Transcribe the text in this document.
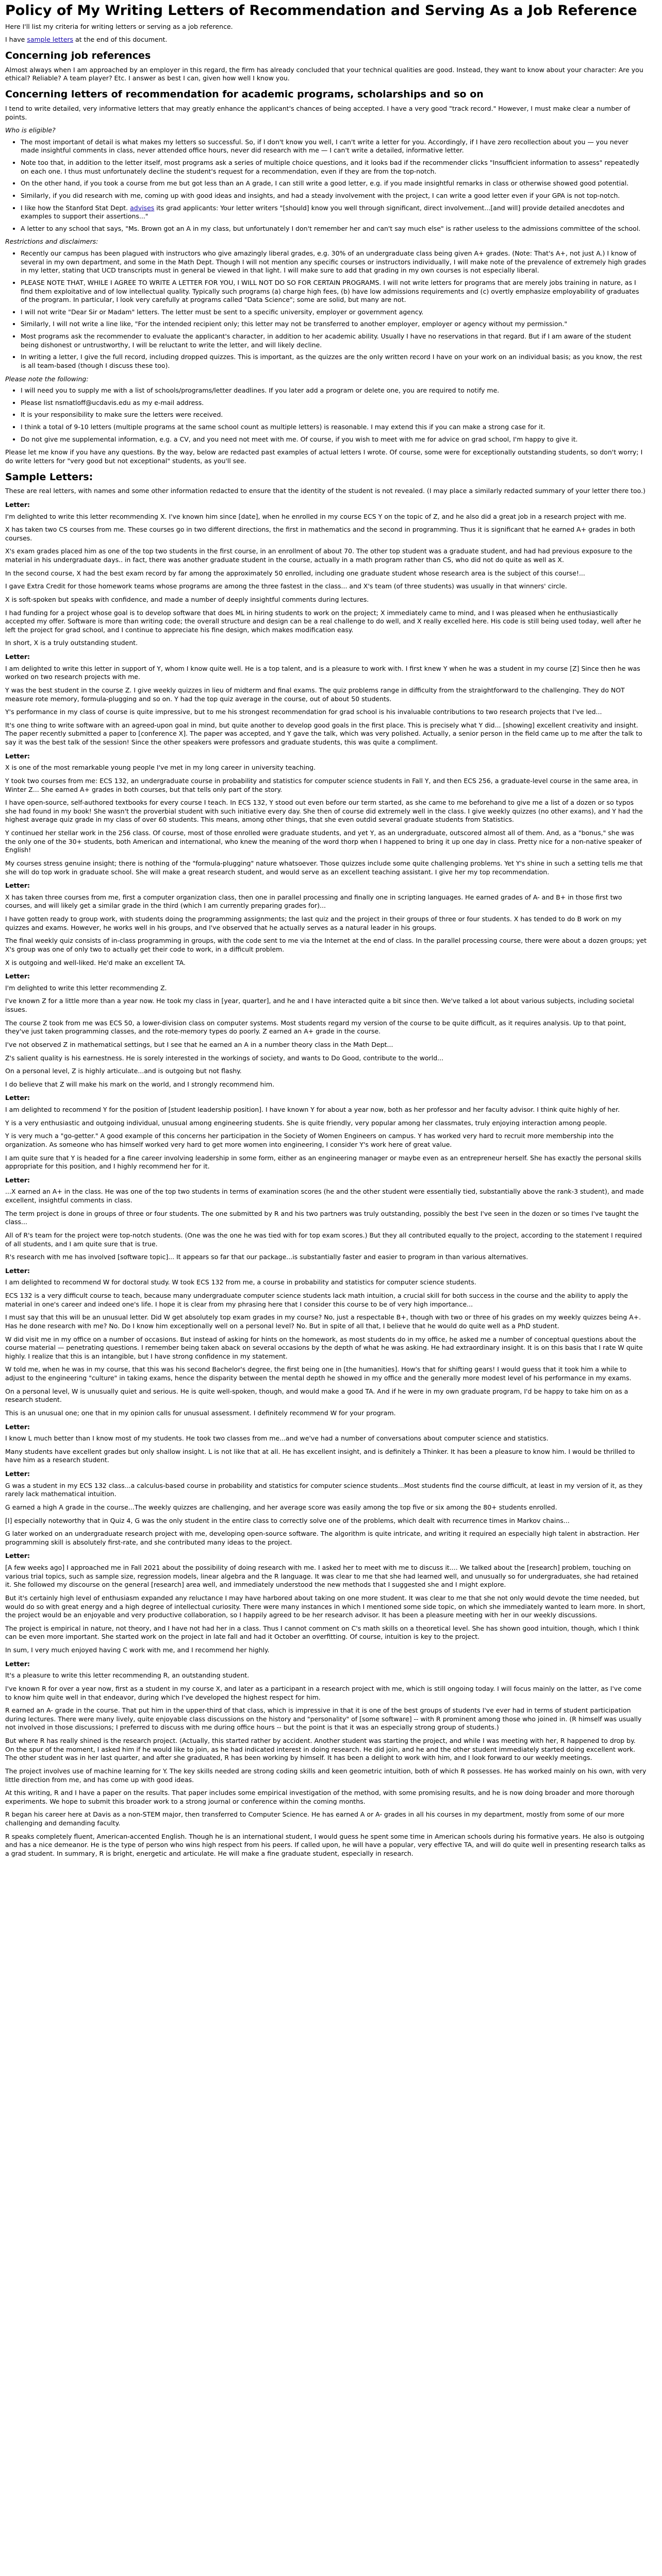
Policy of My Writing Letters of Recommendation and Serving As a Job Reference

Here I'll list my criteria for writing letters or serving as a job reference.

I have sample letters at the end of this document.

Concerning job references

Almost always when I am approached by an employer in this regard, the firm has already concluded that your technical qualities are good. Instead, they want to know about your character: Are you ethical? Reliable? A team player? Etc. I answer as best I can, given how well I know you.

Concerning letters of recommendation for academic programs, scholarships and so on

I tend to write detailed, very informative letters that may greatly enhance the applicant's chances of being accepted. I have a very good "track record." However, I must make clear a number of points.

Who is eligible?

• The most important of detail is what makes my letters so successful. So, if I don't know you well, I can't write a letter for you. Accordingly, if I have zero recollection about you — you never made insightful comments in class, never attended office hours, never did research with me — I can't write a detailed, informative letter.
• Note too that, in addition to the letter itself, most programs ask a series of multiple choice questions, and it looks bad if the recommender clicks "Insufficient information to assess" repeatedly on each one. I thus must unfortunately decline the student's request for a recommendation, even if they are from the top-notch.
• On the other hand, if you took a course from me but got less than an A grade, I can still write a good letter, e.g. if you made insightful remarks in class or otherwise showed good potential.
• Similarly, if you did research with me, coming up with good ideas and insights, and had a steady involvement with the project, I can write a good letter even if your GPA is not top-notch.
• I like how the Stanford Stat Dept. advises its grad applicants: Your letter writers "[should] know you well through significant, direct involvement...[and will] provide detailed anecdotes and examples to support their assertions..."
• A letter to any school that says, "Ms. Brown got an A in my class, but unfortunately I don't remember her and can't say much else" is rather useless to the admissions committee of the school.

Restrictions and disclaimers:

• Recently our campus has been plagued with instructors who give amazingly liberal grades, e.g. 30% of an undergraduate class being given A+ grades. (Note: That's A+, not just A.) I know of several in my own department, and some in the Math Dept. Though I will not mention any specific courses or instructors individually, I will make note of the prevalence of extremely high grades in my letter, stating that UCD transcripts must in general be viewed in that light. I will make sure to add that grading in my own courses is not especially liberal.
• PLEASE NOTE THAT, WHILE I AGREE TO WRITE A LETTER FOR YOU, I WILL NOT DO SO FOR CERTAIN PROGRAMS. I will not write letters for programs that are merely jobs training in nature, as I find them exploitative and of low intellectual quality. Typically such programs (a) charge high fees, (b) have low admissions requirements and (c) overtly emphasize employability of graduates of the program. In particular, I look very carefully at programs called "Data Science"; some are solid, but many are not.
• I will not write "Dear Sir or Madam" letters. The letter must be sent to a specific university, employer or government agency.
• Similarly, I will not write a line like, "For the intended recipient only; this letter may not be transferred to another employer, employer or agency without my permission."
• Most programs ask the recommender to evaluate the applicant's character, in addition to her academic ability. Usually I have no reservations in that regard. But if I am aware of the student being dishonest or untrustworthy, I will be reluctant to write the letter, and will likely decline.
• In writing a letter, I give the full record, including dropped quizzes. This is important, as the quizzes are the only written record I have on your work on an individual basis; as you know, the rest is all team-based (though I discuss these too).

Please note the following:

• I will need you to supply me with a list of schools/programs/letter deadlines. If you later add a program or delete one, you are required to notify me.
• Please list nsmatloff@ucdavis.edu as my e-mail address.
• It is your responsibility to make sure the letters were received.
• I think a total of 9-10 letters (multiple programs at the same school count as multiple letters) is reasonable. I may extend this if you can make a strong case for it.
• Do not give me supplemental information, e.g. a CV, and you need not meet with me. Of course, if you wish to meet with me for advice on grad school, I'm happy to give it.

Please let me know if you have any questions. By the way, below are redacted past examples of actual letters I wrote. Of course, some were for exceptionally outstanding students, so don't worry; I do write letters for "very good but not exceptional" students, as you'll see.

Sample Letters:

These are real letters, with names and some other information redacted to ensure that the identity of the student is not revealed. (I may place a similarly redacted summary of your letter there too.)

Letter:

I'm delighted to write this letter recommending X. I've known him since [date], when he enrolled in my course ECS Y on the topic of Z, and he also did a great job in a research project with me.

X has taken two CS courses from me. These courses go in two different directions, the first in mathematics and the second in programming. Thus it is significant that he earned A+ grades in both courses.

X's exam grades placed him as one of the top two students in the first course, in an enrollment of about 70. The other top student was a graduate student, and had had previous exposure to the material in his undergraduate days.. in fact, there was another graduate student in the course, actually in a math program rather than CS, who did not do quite as well as X.

In the second course, X had the best exam record by far among the approximately 50 enrolled, including one graduate student whose research area is the subject of this course!...

I gave Extra Credit for those homework teams whose programs are among the three fastest in the class... and X's team (of three students) was usually in that winners' circle.

X is soft-spoken but speaks with confidence, and made a number of deeply insightful comments during lectures.

I had funding for a project whose goal is to develop software that does ML in hiring students to work on the project; X immediately came to mind, and I was pleased when he enthusiastically accepted my offer. Software is more than writing code; the overall structure and design can be a real challenge to do well, and X really excelled here. His code is still being used today, well after he left the project for grad school, and I continue to appreciate his fine design, which makes modification easy.

In short, X is a truly outstanding student.

Letter:

I am delighted to write this letter in support of Y, whom I know quite well. He is a top talent, and is a pleasure to work with. I first knew Y when he was a student in my course [Z] Since then he was worked on two research projects with me.

Y was the best student in the course Z. I give weekly quizzes in lieu of midterm and final exams. The quiz problems range in difficulty from the straightforward to the challenging. They do NOT measure rote memory, formula-plugging and so on. Y had the top quiz average in the course, out of about 50 students.

Y's performance in my class of course is quite impressive, but to me his strongest recommendation for grad school is his invaluable contributions to two research projects that I've led...

It's one thing to write software with an agreed-upon goal in mind, but quite another to develop good goals in the first place. This is precisely what Y did... [showing] excellent creativity and insight. The paper recently submitted a paper to [conference X]. The paper was accepted, and Y gave the talk, which was very polished. Actually, a senior person in the field came up to me after the talk to say it was the best talk of the session! Since the other speakers were professors and graduate students, this was quite a compliment.

Letter:

X is one of the most remarkable young people I've met in my long career in university teaching.

Y took two courses from me: ECS 132, an undergraduate course in probability and statistics for computer science students in Fall Y, and then ECS 256, a graduate-level course in the same area, in Winter Z... She earned A+ grades in both courses, but that tells only part of the story.

I have open-source, self-authored textbooks for every course I teach. In ECS 132, Y stood out even before our term started, as she came to me beforehand to give me a list of a dozen or so typos she had found in my book! She wasn't the proverbial student with such initiative every day. She then of course did extremely well in the class. I give weekly quizzes (no other exams), and Y had the highest average quiz grade in my class of over 60 students. This means, among other things, that she even outdid several graduate students from Statistics.

Y continued her stellar work in the 256 class. Of course, most of those enrolled were graduate students, and yet Y, as an undergraduate, outscored almost all of them. And, as a "bonus," she was the only one of the 30+ students, both American and international, who knew the meaning of the word thorp when I happened to bring it up one day in class. Pretty nice for a non-native speaker of English!

My courses stress genuine insight; there is nothing of the "formula-plugging" nature whatsoever. Those quizzes include some quite challenging problems. Yet Y's shine in such a setting tells me that she will do top work in graduate school. She will make a great research student, and would serve as an excellent teaching assistant. I give her my top recommendation.

Letter:

X has taken three courses from me, first a computer organization class, then one in parallel processing and finally one in scripting languages. He earned grades of A- and B+ in those first two courses, and will likely get a similar grade in the third (which I am currently preparing grades for)...

I have gotten ready to group work, with students doing the programming assignments; the last quiz and the project in their groups of three or four students. X has tended to do B work on my quizzes and exams. However, he works well in his groups, and I've observed that he actually serves as a natural leader in his groups.

The final weekly quiz consists of in-class programming in groups, with the code sent to me via the Internet at the end of class. In the parallel processing course, there were about a dozen groups; yet X's group was one of only two to actually get their code to work, in a difficult problem.

X is outgoing and well-liked. He'd make an excellent TA.

Letter:

I'm delighted to write this letter recommending Z.

I've known Z for a little more than a year now. He took my class in [year, quarter], and he and I have interacted quite a bit since then. We've talked a lot about various subjects, including societal issues.

The course Z took from me was ECS 50, a lower-division class on computer systems. Most students regard my version of the course to be quite difficult, as it requires analysis. Up to that point, they've just taken programming classes, and the rote-memory types do poorly. Z earned an A+ grade in the course.

I've not observed Z in mathematical settings, but I see that he earned an A in a number theory class in the Math Dept...

Z's salient quality is his earnestness. He is sorely interested in the workings of society, and wants to Do Good, contribute to the world...

On a personal level, Z is highly articulate...and is outgoing but not flashy.

I do believe that Z will make his mark on the world, and I strongly recommend him.

Letter:

I am delighted to recommend Y for the position of [student leadership position]. I have known Y for about a year now, both as her professor and her faculty advisor. I think quite highly of her.

Y is a very enthusiastic and outgoing individual, unusual among engineering students. She is quite friendly, very popular among her classmates, truly enjoying interaction among people.

Y is very much a "go-getter." A good example of this concerns her participation in the Society of Women Engineers on campus. Y has worked very hard to recruit more membership into the organization. As someone who has himself worked very hard to get more women into engineering, I consider Y's work here of great value.

I am quite sure that Y is headed for a fine career involving leadership in some form, either as an engineering manager or maybe even as an entrepreneur herself. She has exactly the personal skills appropriate for this position, and I highly recommend her for it.

Letter:

...X earned an A+ in the class. He was one of the top two students in terms of examination scores (he and the other student were essentially tied, substantially above the rank-3 student), and made excellent, insightful comments in class.

The term project is done in groups of three or four students. The one submitted by R and his two partners was truly outstanding, possibly the best I've seen in the dozen or so times I've taught the class...

All of R's team for the project were top-notch students. (One was the one he was tied with for top exam scores.) But they all contributed equally to the project, according to the statement I required of all students, and I am quite sure that is true.

R's research with me has involved [software topic]... It appears so far that our package...is substantially faster and easier to program in than various alternatives.

Letter:

I am delighted to recommend W for doctoral study. W took ECS 132 from me, a course in probability and statistics for computer science students.

ECS 132 is a very difficult course to teach, because many undergraduate computer science students lack math intuition, a crucial skill for both success in the course and the ability to apply the material in one's career and indeed one's life. I hope it is clear from my phrasing here that I consider this course to be of very high importance...

I must say that this will be an unusual letter. Did W get absolutely top exam grades in my course? No, just a respectable B+, though with two or three of his grades on my weekly quizzes being A+. Has he done research with me? No. Do I know him exceptionally well on a personal level? No. But in spite of all that, I believe that he would do quite well as a PhD student.

W did visit me in my office on a number of occasions. But instead of asking for hints on the homework, as most students do in my office, he asked me a number of conceptual questions about the course material — penetrating questions. I remember being taken aback on several occasions by the depth of what he was asking. He had extraordinary insight. It is on this basis that I rate W quite highly. I realize that this is an intangible, but I have strong confidence in my statement.

W told me, when he was in my course, that this was his second Bachelor's degree, the first being one in [the humanities]. How's that for shifting gears! I would guess that it took him a while to adjust to the engineering "culture" in taking exams, hence the disparity between the mental depth he showed in my office and the generally more modest level of his performance in my exams.

On a personal level, W is unusually quiet and serious. He is quite well-spoken, though, and would make a good TA. And if he were in my own graduate program, I'd be happy to take him on as a research student.

This is an unusual one; one that in my opinion calls for unusual assessment. I definitely recommend W for your program.

Letter:

I know L much better than I know most of my students. He took two classes from me...and we've had a number of conversations about computer science and statistics.

Many students have excellent grades but only shallow insight. L is not like that at all. He has excellent insight, and is definitely a Thinker. It has been a pleasure to know him. I would be thrilled to have him as a research student.

Letter:

G was a student in my ECS 132 class...a calculus-based course in probability and statistics for computer science students...Most students find the course difficult, at least in my version of it, as they rarely lack mathematical intuition.

G earned a high A grade in the course...The weekly quizzes are challenging, and her average score was easily among the top five or six among the 80+ students enrolled.

[I] especially noteworthy that in Quiz 4, G was the only student in the entire class to correctly solve one of the problems, which dealt with recurrence times in Markov chains...

G later worked on an undergraduate research project with me, developing open-source software. The algorithm is quite intricate, and writing it required an especially high talent in abstraction. Her programming skill is absolutely first-rate, and she contributed many ideas to the project.

Letter:

[A few weeks ago] I approached me in Fall 2021 about the possibility of doing research with me. I asked her to meet with me to discuss it.... We talked about the [research] problem, touching on various trial topics, such as sample size, regression models, linear algebra and the R language. It was clear to me that she had learned well, and unusually so for undergraduates, she had retained it. She followed my discourse on the general [research] area well, and immediately understood the new methods that I suggested she and I might explore.

But it's certainly high level of enthusiasm expanded any reluctance I may have harbored about taking on one more student. It was clear to me that she not only would devote the time needed, but would do so with great energy and a high degree of intellectual curiosity. There were many instances in which I mentioned some side topic, on which she immediately wanted to learn more. In short, the project would be an enjoyable and very productive collaboration, so I happily agreed to be her research advisor. It has been a pleasure meeting with her in our weekly discussions.

The project is empirical in nature, not theory, and I have not had her in a class. Thus I cannot comment on C's math skills on a theoretical level. She has shown good intuition, though, which I think can be even more important. She started work on the project in late fall and had it October an overfitting. Of course, intuition is key to the project.

In sum, I very much enjoyed having C work with me, and I recommend her highly.

Letter:

It's a pleasure to write this letter recommending R, an outstanding student.

I've known R for over a year now, first as a student in my course X, and later as a participant in a research project with me, which is still ongoing today. I will focus mainly on the latter, as I've come to know him quite well in that endeavor, during which I've developed the highest respect for him.

R earned an A- grade in the course. That put him in the upper-third of that class, which is impressive in that it is one of the best groups of students I've ever had in terms of student participation during lectures. There were many lively, quite enjoyable class discussions on the history and "personality" of [some software] -- with R prominent among those who joined in. (R himself was usually not involved in those discussions; I preferred to discuss with me during office hours -- but the point is that it was an especially strong group of students.)

But where R has really shined is the research project. (Actually, this started rather by accident. Another student was starting the project, and while I was meeting with her, R happened to drop by. On the spur of the moment, I asked him if he would like to join, as he had indicated interest in doing research. He did join, and he and the other student immediately started doing excellent work. The other student was in her last quarter, and after she graduated, R has been working by himself. It has been a delight to work with him, and I look forward to our weekly meetings.

The project involves use of machine learning for Y. The key skills needed are strong coding skills and keen geometric intuition, both of which R possesses. He has worked mainly on his own, with very little direction from me, and has come up with good ideas.

At this writing, R and I have a paper on the results. That paper includes some empirical investigation of the method, with some promising results, and he is now doing broader and more thorough experiments. We hope to submit this broader work to a strong journal or conference within the coming months.

R began his career here at Davis as a non-STEM major, then transferred to Computer Science. He has earned A or A- grades in all his courses in my department, mostly from some of our more challenging and demanding faculty.

R speaks completely fluent, American-accented English. Though he is an international student, I would guess he spent some time in American schools during his formative years. He also is outgoing and has a nice demeanor. He is the type of person who wins high respect from his peers. If called upon, he will have a popular, very effective TA, and will do quite well in presenting research talks as a grad student. In summary, R is bright, energetic and articulate. He will make a fine graduate student, especially in research.
